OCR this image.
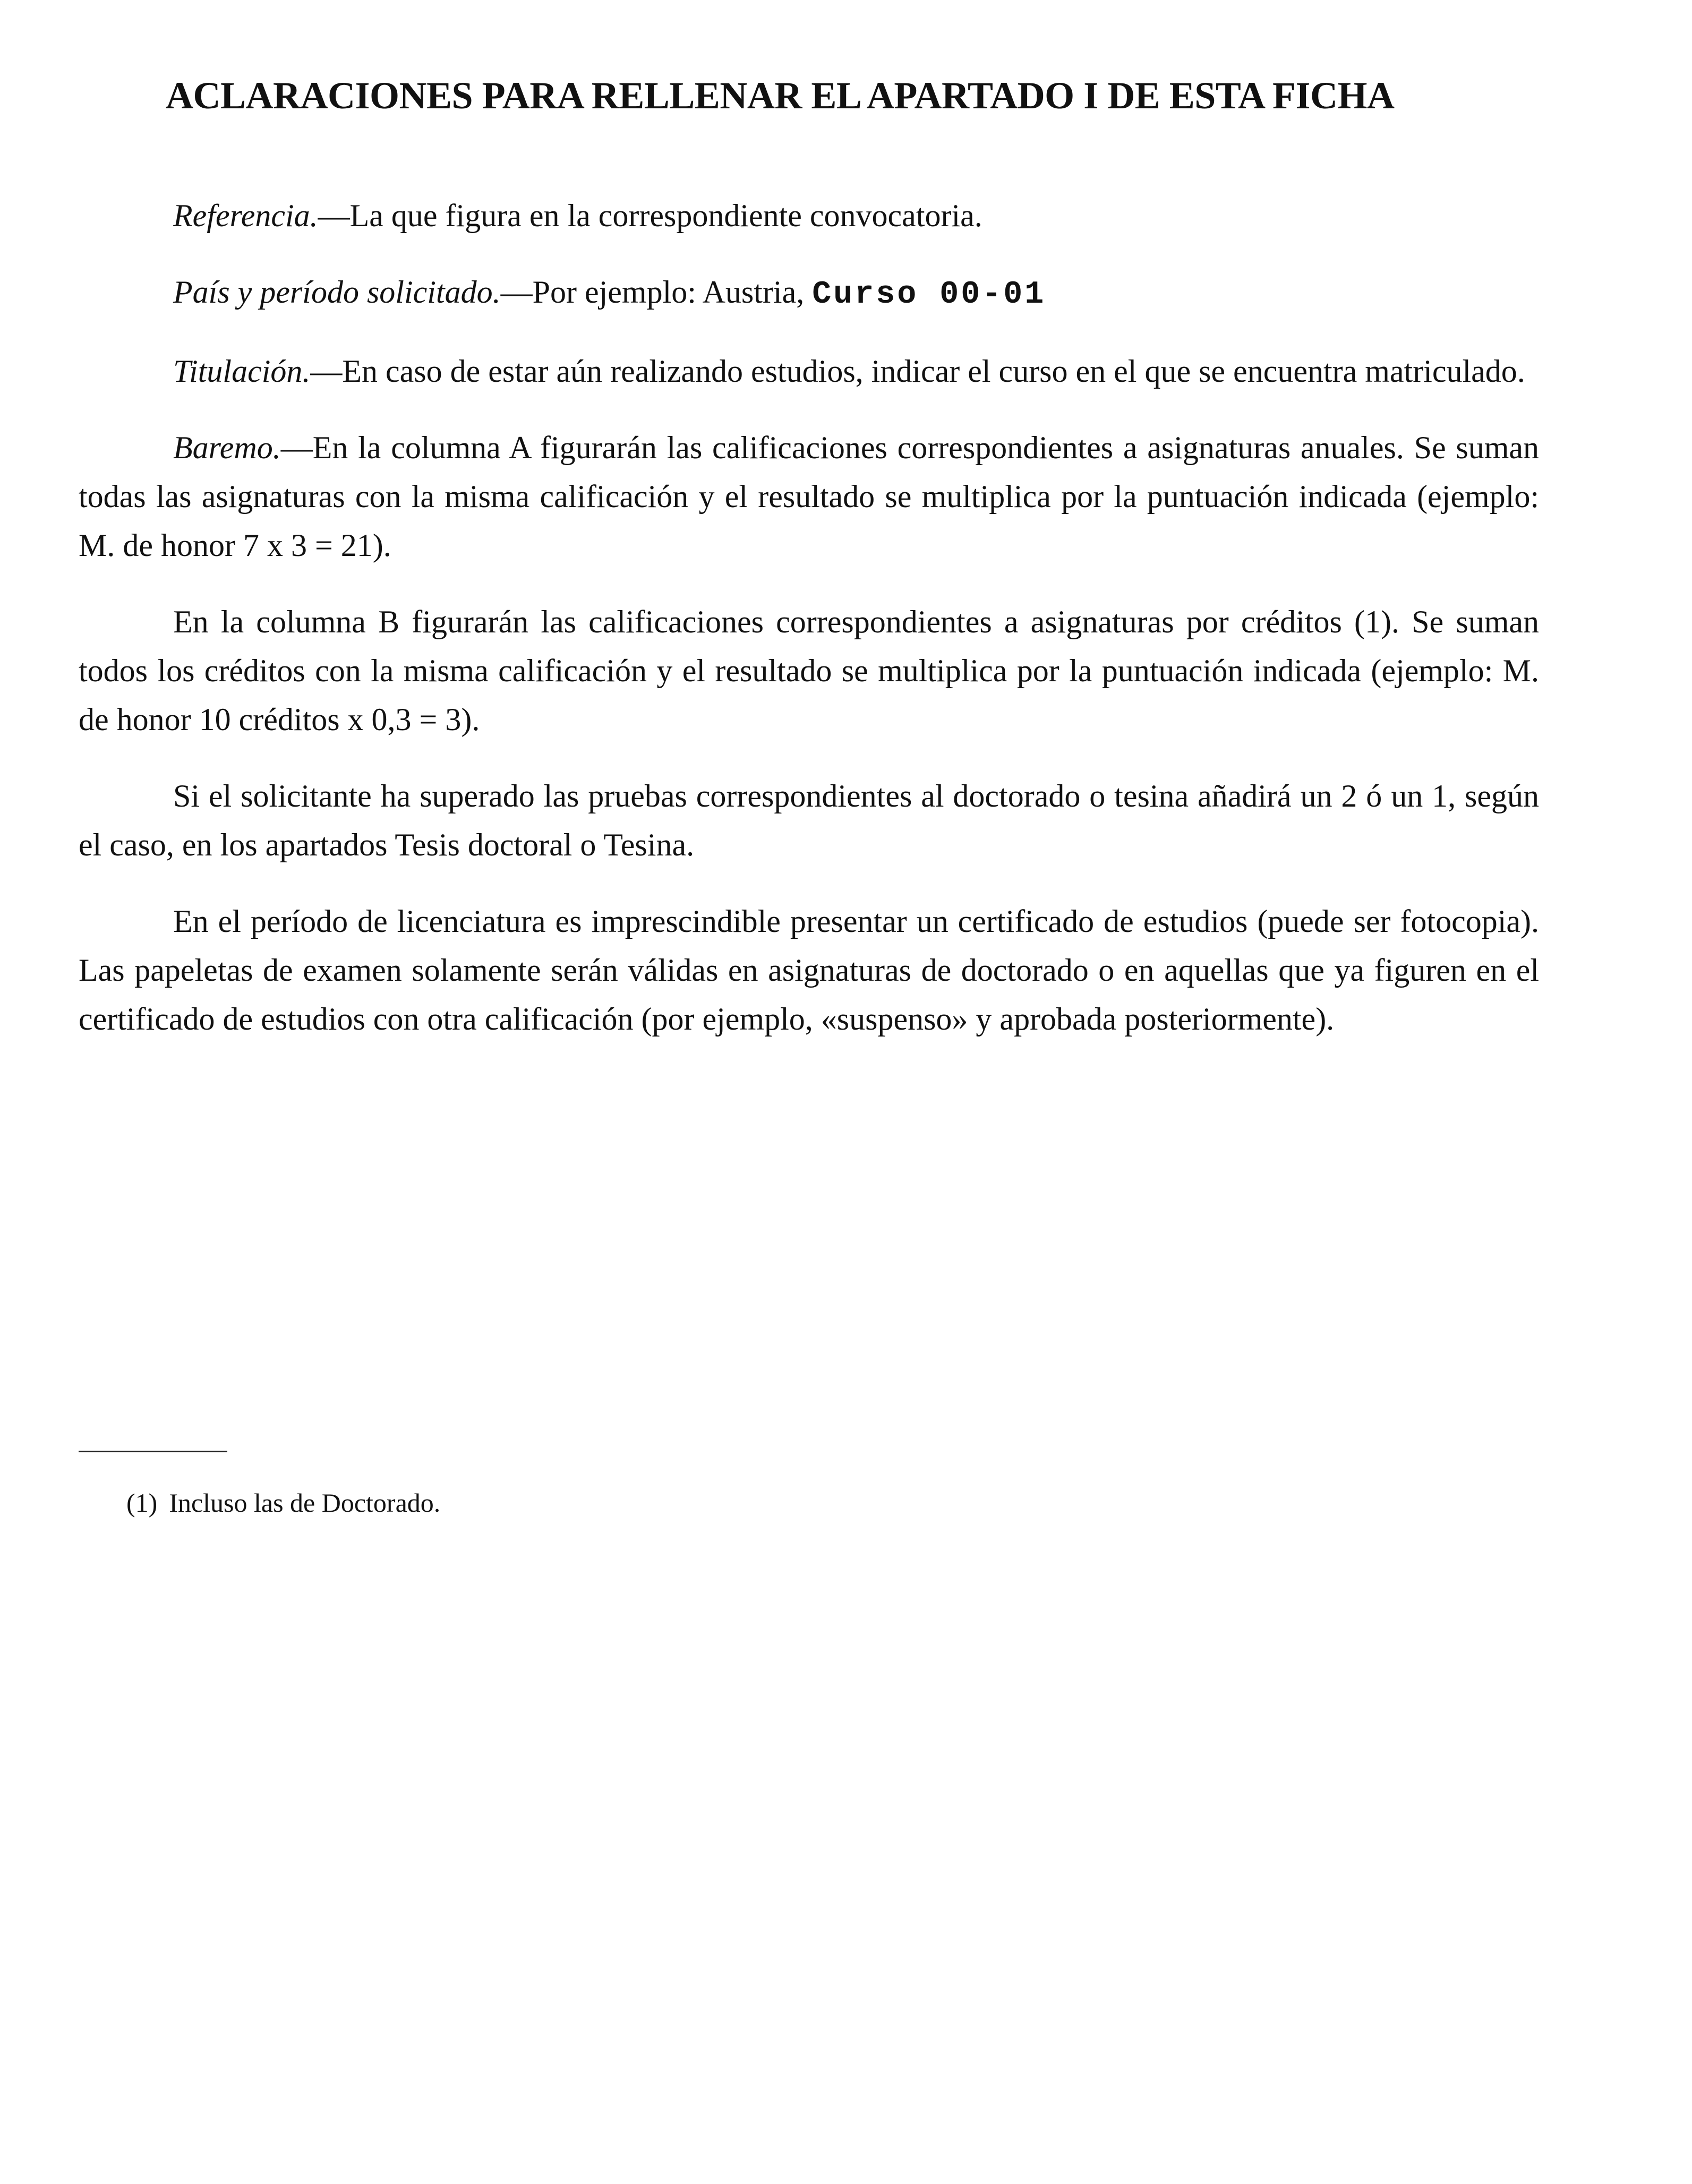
ACLARACIONES PARA RELLENAR EL APARTADO I DE ESTA FICHA

Referencia.—La que figura en la correspondiente convocatoria.

País y período solicitado.—Por ejemplo: Austria, Curso 00-01

Titulación.—En caso de estar aún realizando estudios, indicar el curso en el que se encuentra matriculado.

Baremo.—En la columna A figurarán las calificaciones correspondientes a asignaturas anuales. Se suman todas las asignaturas con la misma calificación y el resultado se multiplica por la puntuación indicada (ejemplo: M. de honor 7 x 3 = 21).

En la columna B figurarán las calificaciones correspondientes a asignaturas por créditos (1). Se suman todos los créditos con la misma calificación y el resultado se multiplica por la puntuación indicada (ejemplo: M. de honor 10 créditos x 0,3 = 3).

Si el solicitante ha superado las pruebas correspondientes al doctorado o tesina añadirá un 2 ó un 1, según el caso, en los apartados Tesis doctoral o Tesina.

En el período de licenciatura es imprescindible presentar un certificado de estudios (puede ser fotocopia). Las papeletas de examen solamente serán válidas en asignaturas de doctorado o en aquellas que ya figuren en el certificado de estudios con otra calificación (por ejemplo, «suspenso» y aprobada posteriormente).

(1) Incluso las de Doctorado.
